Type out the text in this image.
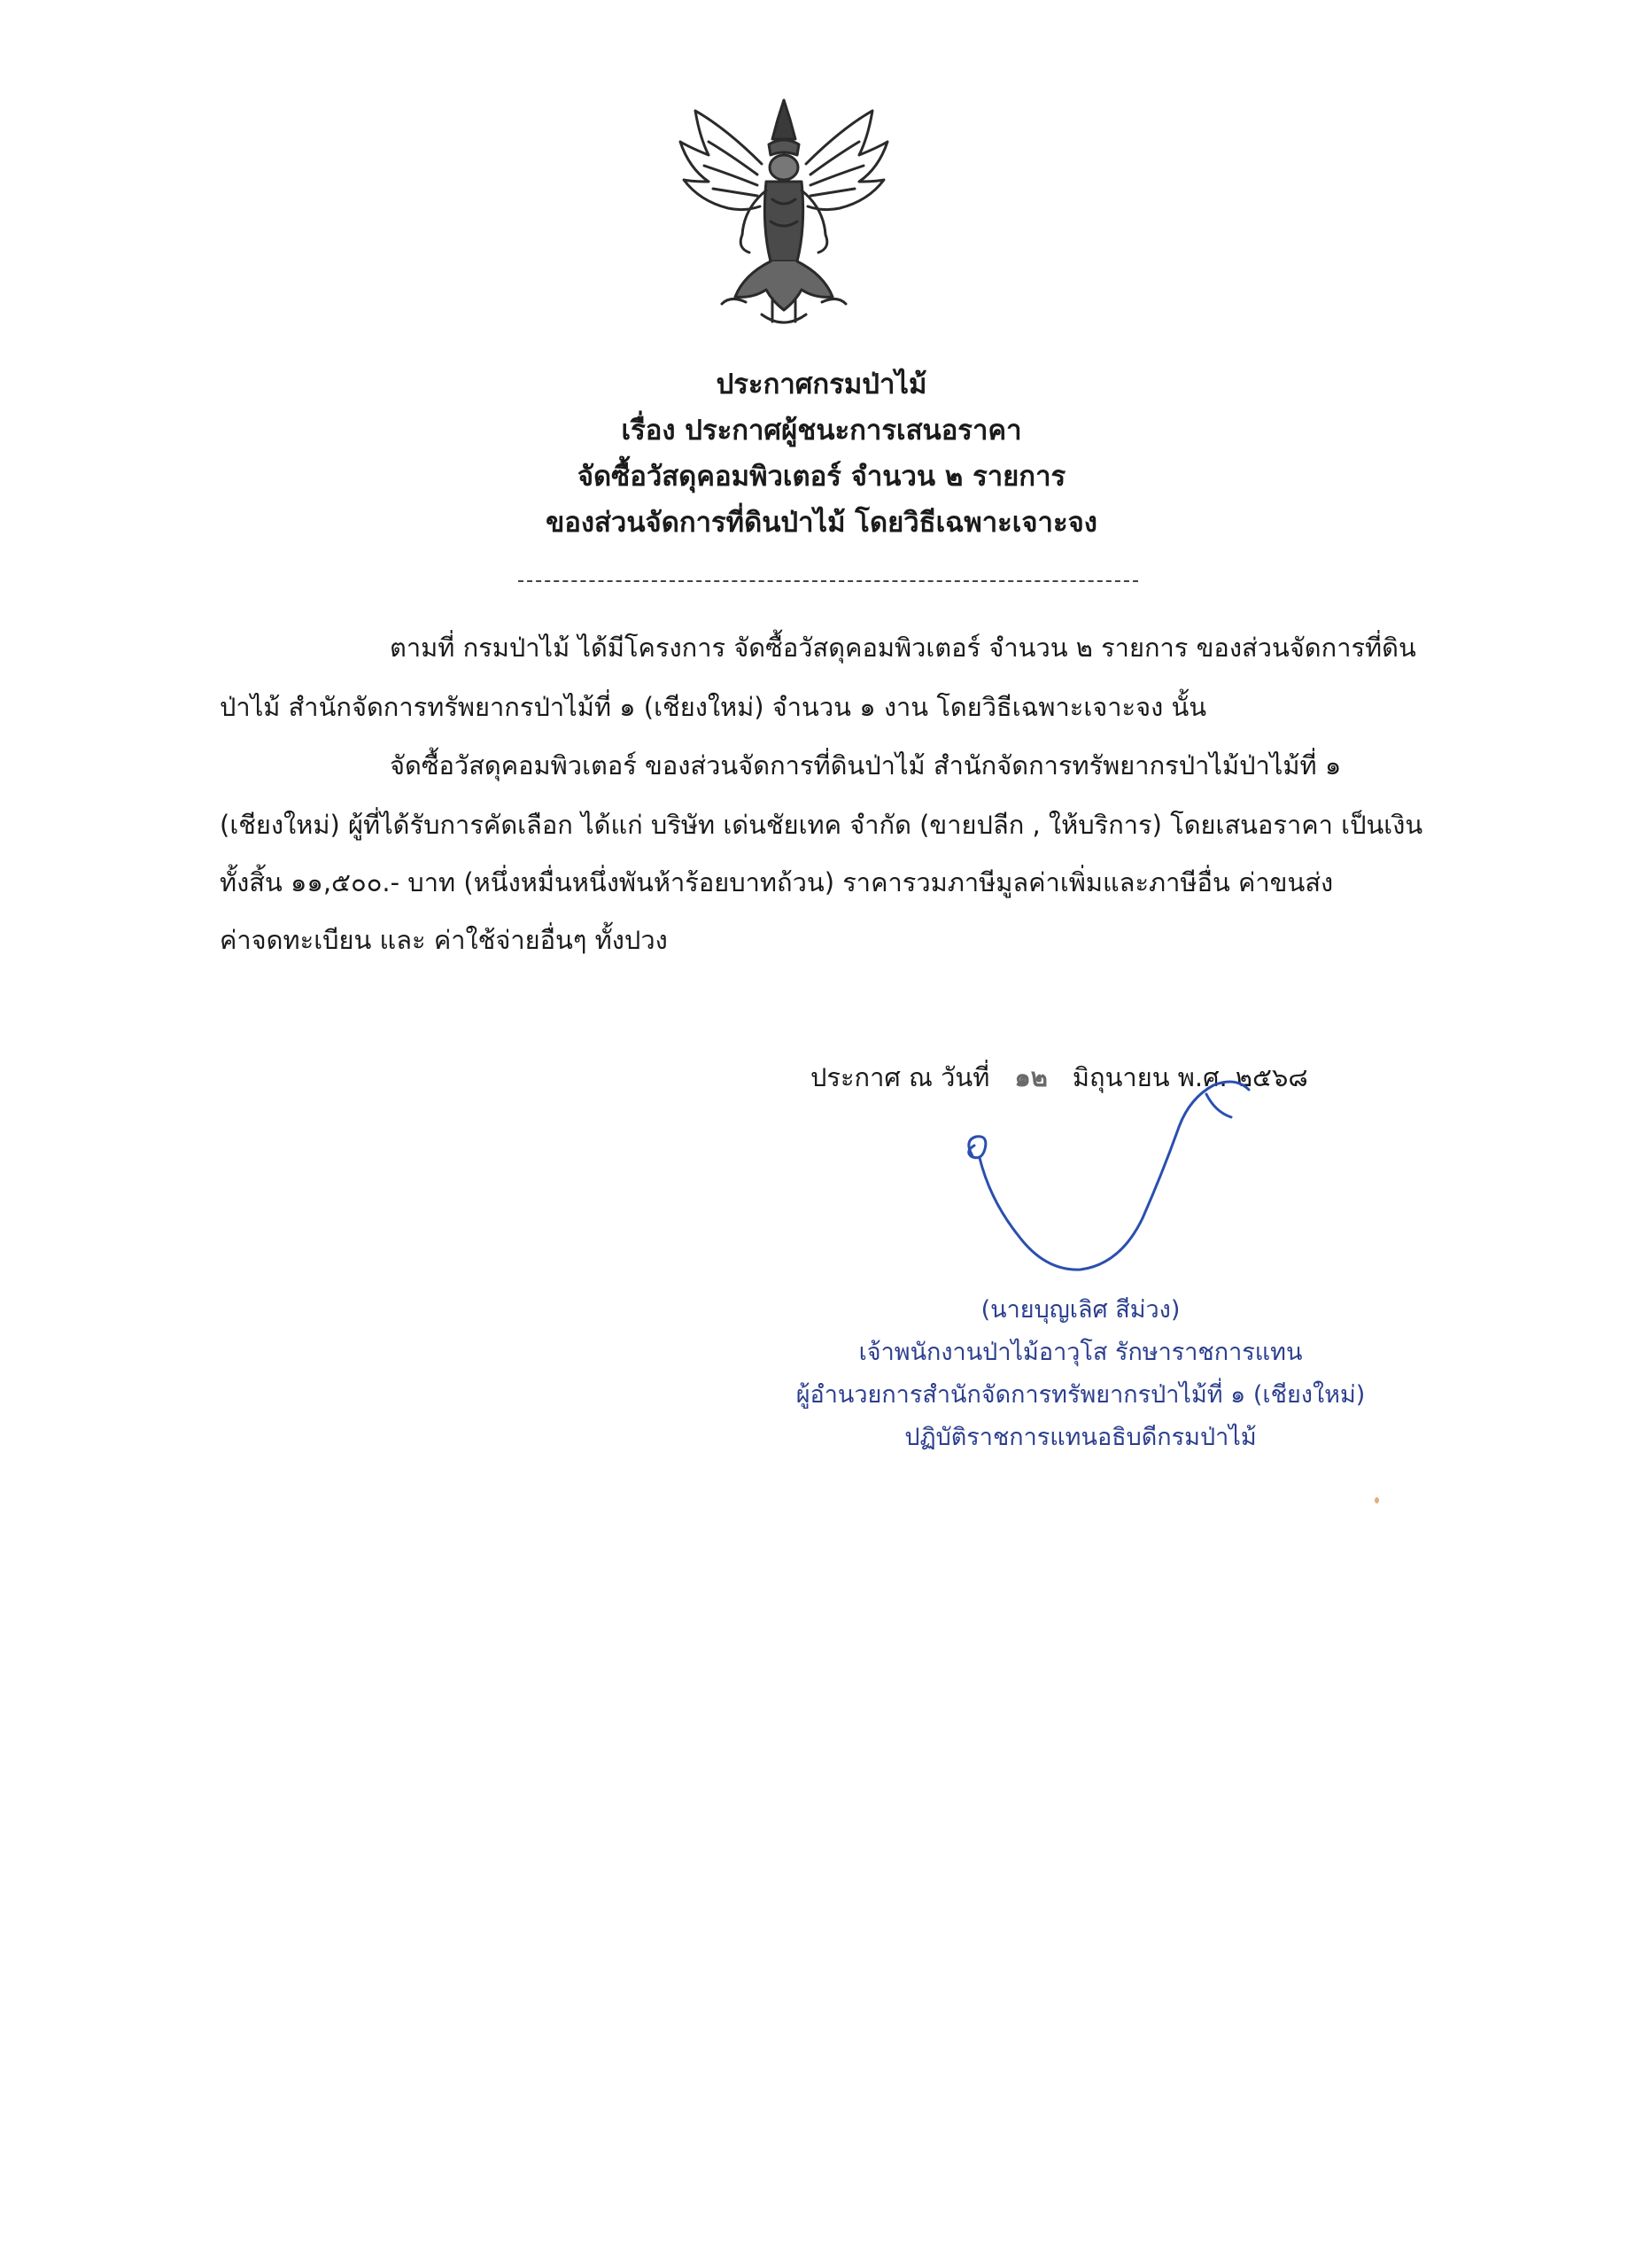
ประกาศกรมป่าไม้
เรื่อง ประกาศผู้ชนะการเสนอราคา
จัดซื้อวัสดุคอมพิวเตอร์ จำนวน ๒ รายการ
ของส่วนจัดการที่ดินป่าไม้ โดยวิธีเฉพาะเจาะจง
ตามที่ กรมป่าไม้ ได้มีโครงการ จัดซื้อวัสดุคอมพิวเตอร์ จำนวน ๒ รายการ ของส่วนจัดการที่ดิน
ป่าไม้ สำนักจัดการทรัพยากรป่าไม้ที่ ๑ (เชียงใหม่) จำนวน ๑ งาน โดยวิธีเฉพาะเจาะจง นั้น
จัดซื้อวัสดุคอมพิวเตอร์ ของส่วนจัดการที่ดินป่าไม้ สำนักจัดการทรัพยากรป่าไม้ป่าไม้ที่ ๑
(เชียงใหม่) ผู้ที่ได้รับการคัดเลือก ได้แก่ บริษัท เด่นชัยเทค จำกัด (ขายปลีก , ให้บริการ) โดยเสนอราคา เป็นเงิน
ทั้งสิ้น ๑๑,๕๐๐.- บาท (หนึ่งหมื่นหนึ่งพันห้าร้อยบาทถ้วน) ราคารวมภาษีมูลค่าเพิ่มและภาษีอื่น ค่าขนส่ง
ค่าจดทะเบียน และ ค่าใช้จ่ายอื่นๆ ทั้งปวง
ประกาศ ณ วันที่ ๑๒ มิถุนายน พ.ศ. ๒๕๖๘
(นายบุญเลิศ สีม่วง)
เจ้าพนักงานป่าไม้อาวุโส รักษาราชการแทน
ผู้อำนวยการสำนักจัดการทรัพยากรป่าไม้ที่ ๑ (เชียงใหม่)
ปฏิบัติราชการแทนอธิบดีกรมป่าไม้
